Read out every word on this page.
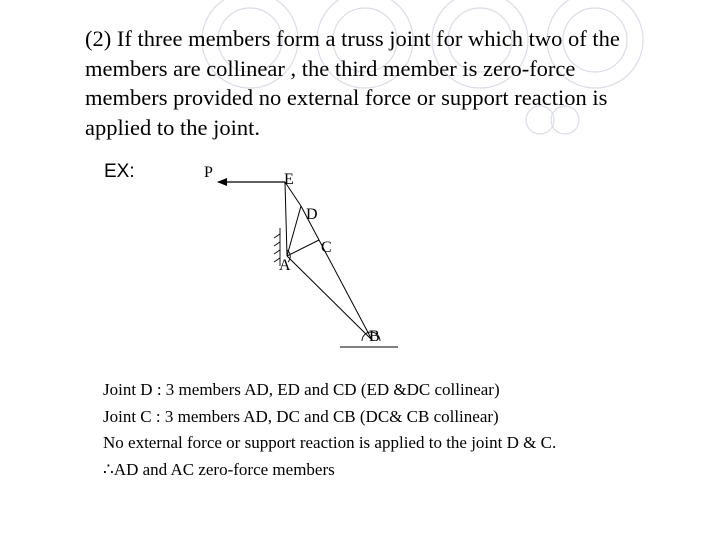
(2) If three members form a truss joint for which two of the
members are collinear , the third member is zero-force
members provided no external force or support reaction is
applied to the joint.
EX:	P	E
D
C
A
B
Joint D : 3 members AD, ED and CD (ED &DC collinear)
Joint C : 3 members AD, DC and CB (DC& CB collinear)
No external force or support reaction is applied to the joint D & C.
∴AD and AC zero-force members
